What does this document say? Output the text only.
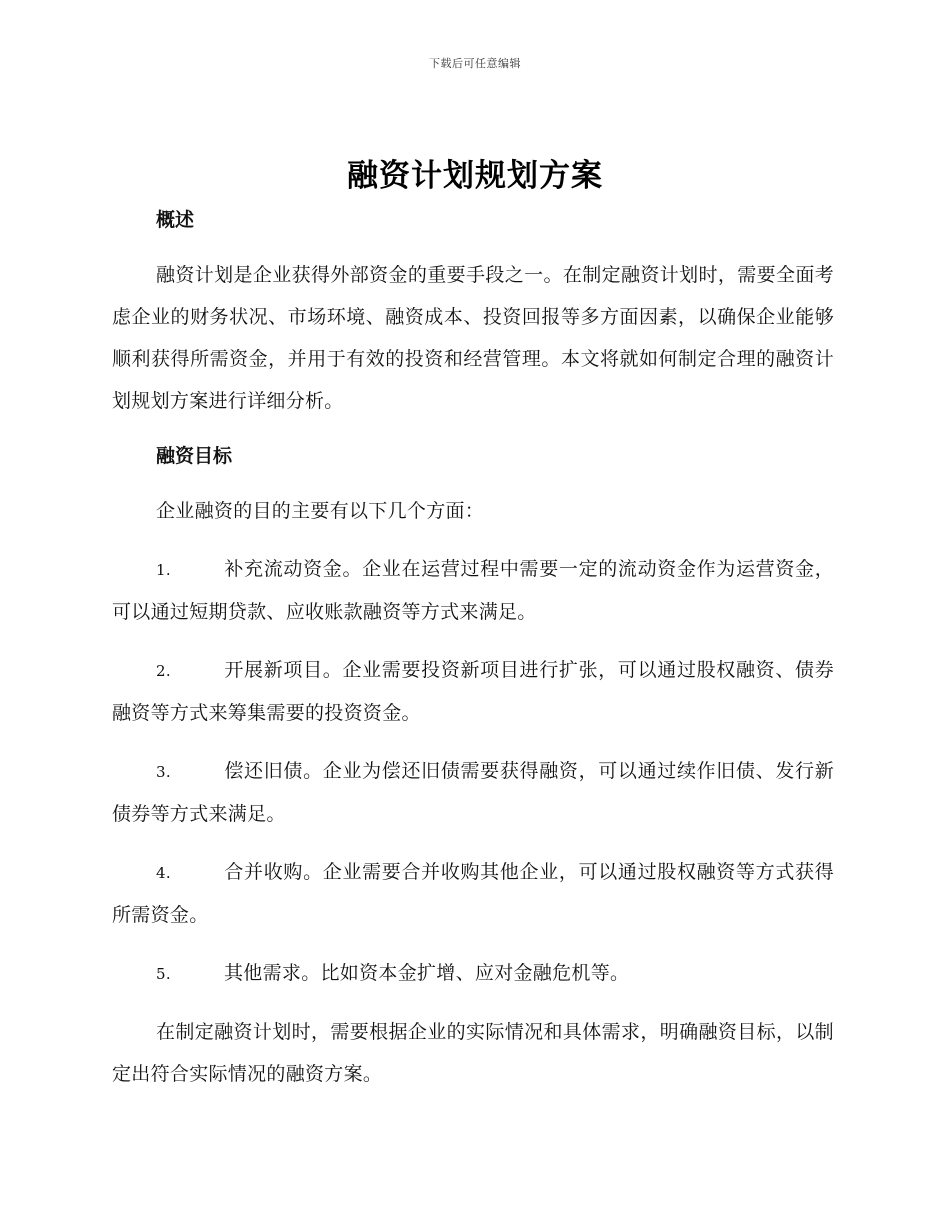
下载后可任意编辑
融资计划规划方案
概述

融资计划是企业获得外部资金的重要手段之一。在制定融资计划时，需要全面考虑企业的财务状况、市场环境、融资成本、投资回报等多方面因素，以确保企业能够顺利获得所需资金，并用于有效的投资和经营管理。本文将就如何制定合理的融资计划规划方案进行详细分析。

融资目标

企业融资的目的主要有以下几个方面：

1.	补充流动资金。企业在运营过程中需要一定的流动资金作为运营资金，可以通过短期贷款、应收账款融资等方式来满足。

2.	开展新项目。企业需要投资新项目进行扩张，可以通过股权融资、债券融资等方式来筹集需要的投资资金。

3.	偿还旧债。企业为偿还旧债需要获得融资，可以通过续作旧债、发行新债券等方式来满足。

4.	合并收购。企业需要合并收购其他企业，可以通过股权融资等方式获得所需资金。

5.	其他需求。比如资本金扩增、应对金融危机等。

在制定融资计划时，需要根据企业的实际情况和具体需求，明确融资目标，以制定出符合实际情况的融资方案。
